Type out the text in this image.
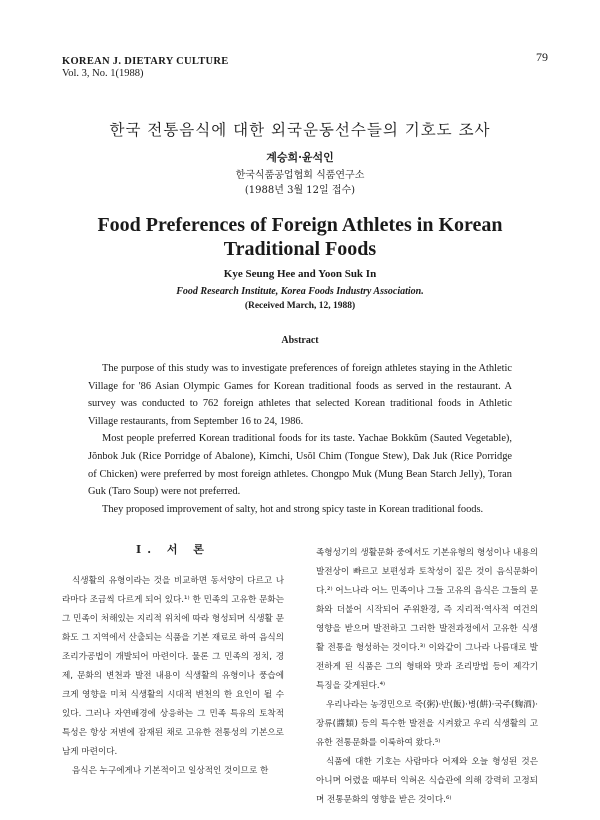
KOREAN J. DIETARY CULTURE
Vol. 3, No. 1(1988)
79
한국 전통음식에 대한 외국운동선수들의 기호도 조사
계승희·윤석인
한국식품공업협회 식품연구소
(1988년 3월 12일 접수)
Food Preferences of Foreign Athletes in Korean
Traditional Foods
Kye Seung Hee and Yoon Suk In
Food Research Institute, Korea Foods Industry Association.
(Received March, 12, 1988)
Abstract

The purpose of this study was to investigate preferences of foreign athletes staying in the Athletic Village for '86 Asian Olympic Games for Korean traditional foods as served in the restaurant. A survey was conducted to 762 foreign athletes that selected Korean traditional foods in Athletic Village restaurants, from September 16 to 24, 1986.

Most people preferred Korean traditional foods for its taste. Yachae Bokkŭm (Sauted Vegetable), Jŏnbok Juk (Rice Porridge of Abalone), Kimchi, Usŏl Chim (Tongue Stew), Dak Juk (Rice Porridge of Chicken) were preferred by most foreign athletes. Chongpo Muk (Mung Bean Starch Jelly), Toran Guk (Taro Soup) were not preferred.

They proposed improvement of salty, hot and strong spicy taste in Korean traditional foods.

I. 서 론

식생활의 유형이라는 것을 비교하면 동서양이 다르고 나라마다 조금씩 다르게 되어 있다.¹⁾ 한 민족의 고유한 문화는 그 민족이 처해있는 지리적 위치에 따라 형성되며 식생활 문화도 그 지역에서 산출되는 식품을 기본 재료로 하여 음식의 조리가공법이 개발되어 마련이다. 물론 그 민족의 정치, 경제, 문화의 변천과 발전 내용이 식생활의 유형이나 풍습에 크게 영향을 미쳐 식생활의 시대적 변천의 한 요인이 될 수 있다. 그러나 자연배경에 상응하는 그 민족 특유의 토착적 특성은 항상 저변에 잠재된 채로 고유한 전통성의 기본으로 남게 마련이다.

음식은 누구에게나 기본적이고 일상적인 것이므로 한

족형성기의 생활문화 중에서도 기본유형의 형성이나 내용의 발전상이 빠르고 보편성과 토착성이 짙은 것이 음식문화이다.²⁾ 어느나라 어느 민족이나 그들 고유의 음식은 그들의 문화와 더불어 시작되어 주위환경, 즉 지리적·역사적 여건의 영향을 받으며 발전하고 그러한 발전과정에서 고유한 식생활 전통을 형성하는 것이다.³⁾ 이와같이 그나라 나름대로 발전하게 된 식품은 그의 형태와 맛과 조리방법 등이 제각기 특징을 갖게된다.⁴⁾

우리나라는 농경민으로 죽(粥)·반(飯)·병(餠)·국주(麴酒)·장류(醬類) 등의 특수한 발전을 시켜왔고 우리 식생활의 고유한 전통문화를 이룩하여 왔다.⁵⁾

식품에 대한 기호는 사람마다 어제와 오늘 형성된 것은 아니며 어렸을 때부터 익혀온 식습관에 의해 강력히 고정되며 전통문화의 영향을 받은 것이다.⁶⁾
